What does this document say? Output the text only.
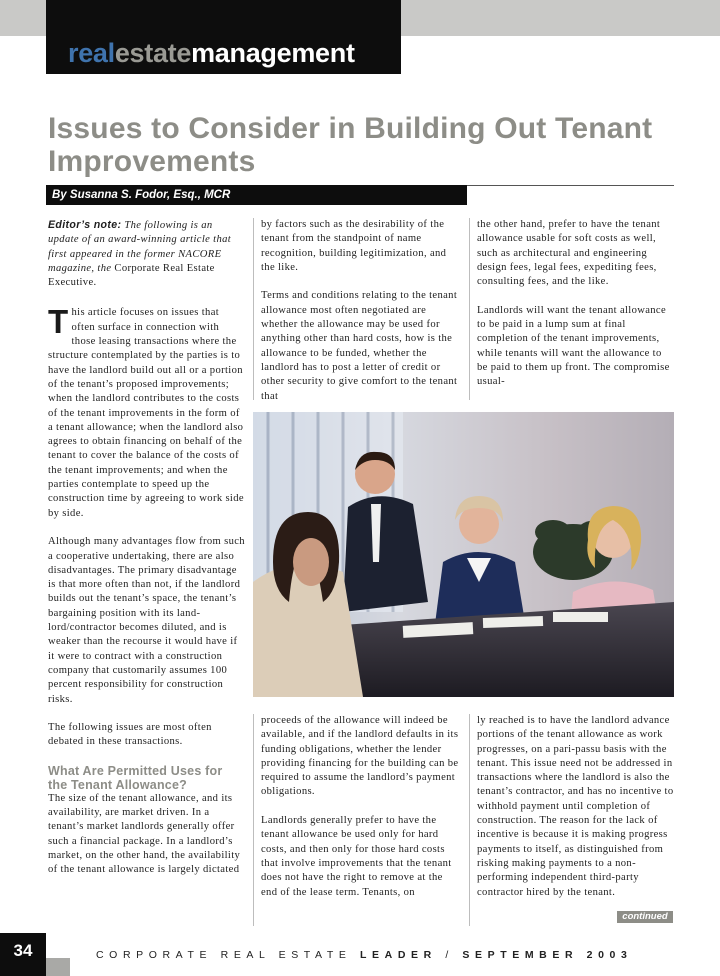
realestatemanagement
Issues to Consider in Building Out Tenant Improvements
By Susanna S. Fodor, Esq., MCR

Editor’s note: The following is an update of an award-winning article that first appeared in the former NACORE magazine, the Corporate Real Estate Executive.

This article focuses on issues that often surface in connection with those leasing transactions where the structure contemplated by the parties is to have the landlord build out all or a portion of the tenant’s proposed improvements; when the landlord contributes to the costs of the tenant improvements in the form of a tenant allowance; when the landlord also agrees to obtain financing on behalf of the tenant to cover the balance of the costs of the tenant improvements; and when the parties contemplate to speed up the construction time by agreeing to work side by side.

Although many advantages flow from such a cooperative undertaking, there are also disadvantages. The primary disadvantage is that more often than not, if the landlord builds out the tenant’s space, the tenant’s bargaining position with its landlord/contractor becomes diluted, and is weaker than the recourse it would have if it were to contract with a construction company that customarily assumes 100 percent responsibility for construction risks.

The following issues are most often debated in these transactions.

What Are Permitted Uses for the Tenant Allowance?

The size of the tenant allowance, and its availability, are market driven. In a tenant’s market landlords generally offer such a financial package. In a landlord’s market, on the other hand, the availability of the tenant allowance is largely dictated

by factors such as the desirability of the tenant from the standpoint of name recognition, building legitimization, and the like.

Terms and conditions relating to the tenant allowance most often negotiated are whether the allowance may be used for anything other than hard costs, how is the allowance to be funded, whether the landlord has to post a letter of credit or other security to give comfort to the tenant that

the other hand, prefer to have the tenant allowance usable for soft costs as well, such as architectural and engineering design fees, legal fees, expediting fees, consulting fees, and the like.

Landlords will want the tenant allowance to be paid in a lump sum at final completion of the tenant improvements, while tenants will want the allowance to be paid to them up front. The compromise usual-

proceeds of the allowance will indeed be available, and if the landlord defaults in its funding obligations, whether the lender providing financing for the building can be required to assume the landlord’s payment obligations.

Landlords generally prefer to have the tenant allowance be used only for hard costs, and then only for those hard costs that involve improvements that the tenant does not have the right to remove at the end of the lease term. Tenants, on

ly reached is to have the landlord advance portions of the tenant allowance as work progresses, on a pari-passu basis with the tenant. This issue need not be addressed in transactions where the landlord is also the tenant’s contractor, and has no incentive to withhold payment until completion of construction. The reason for the lack of incentive is because it is making progress payments to itself, as distinguished from risking making payments to a non-performing independent third-party contractor hired by the tenant.

continued
34	CORPORATE REAL ESTATE LEADER / SEPTEMBER 2003
